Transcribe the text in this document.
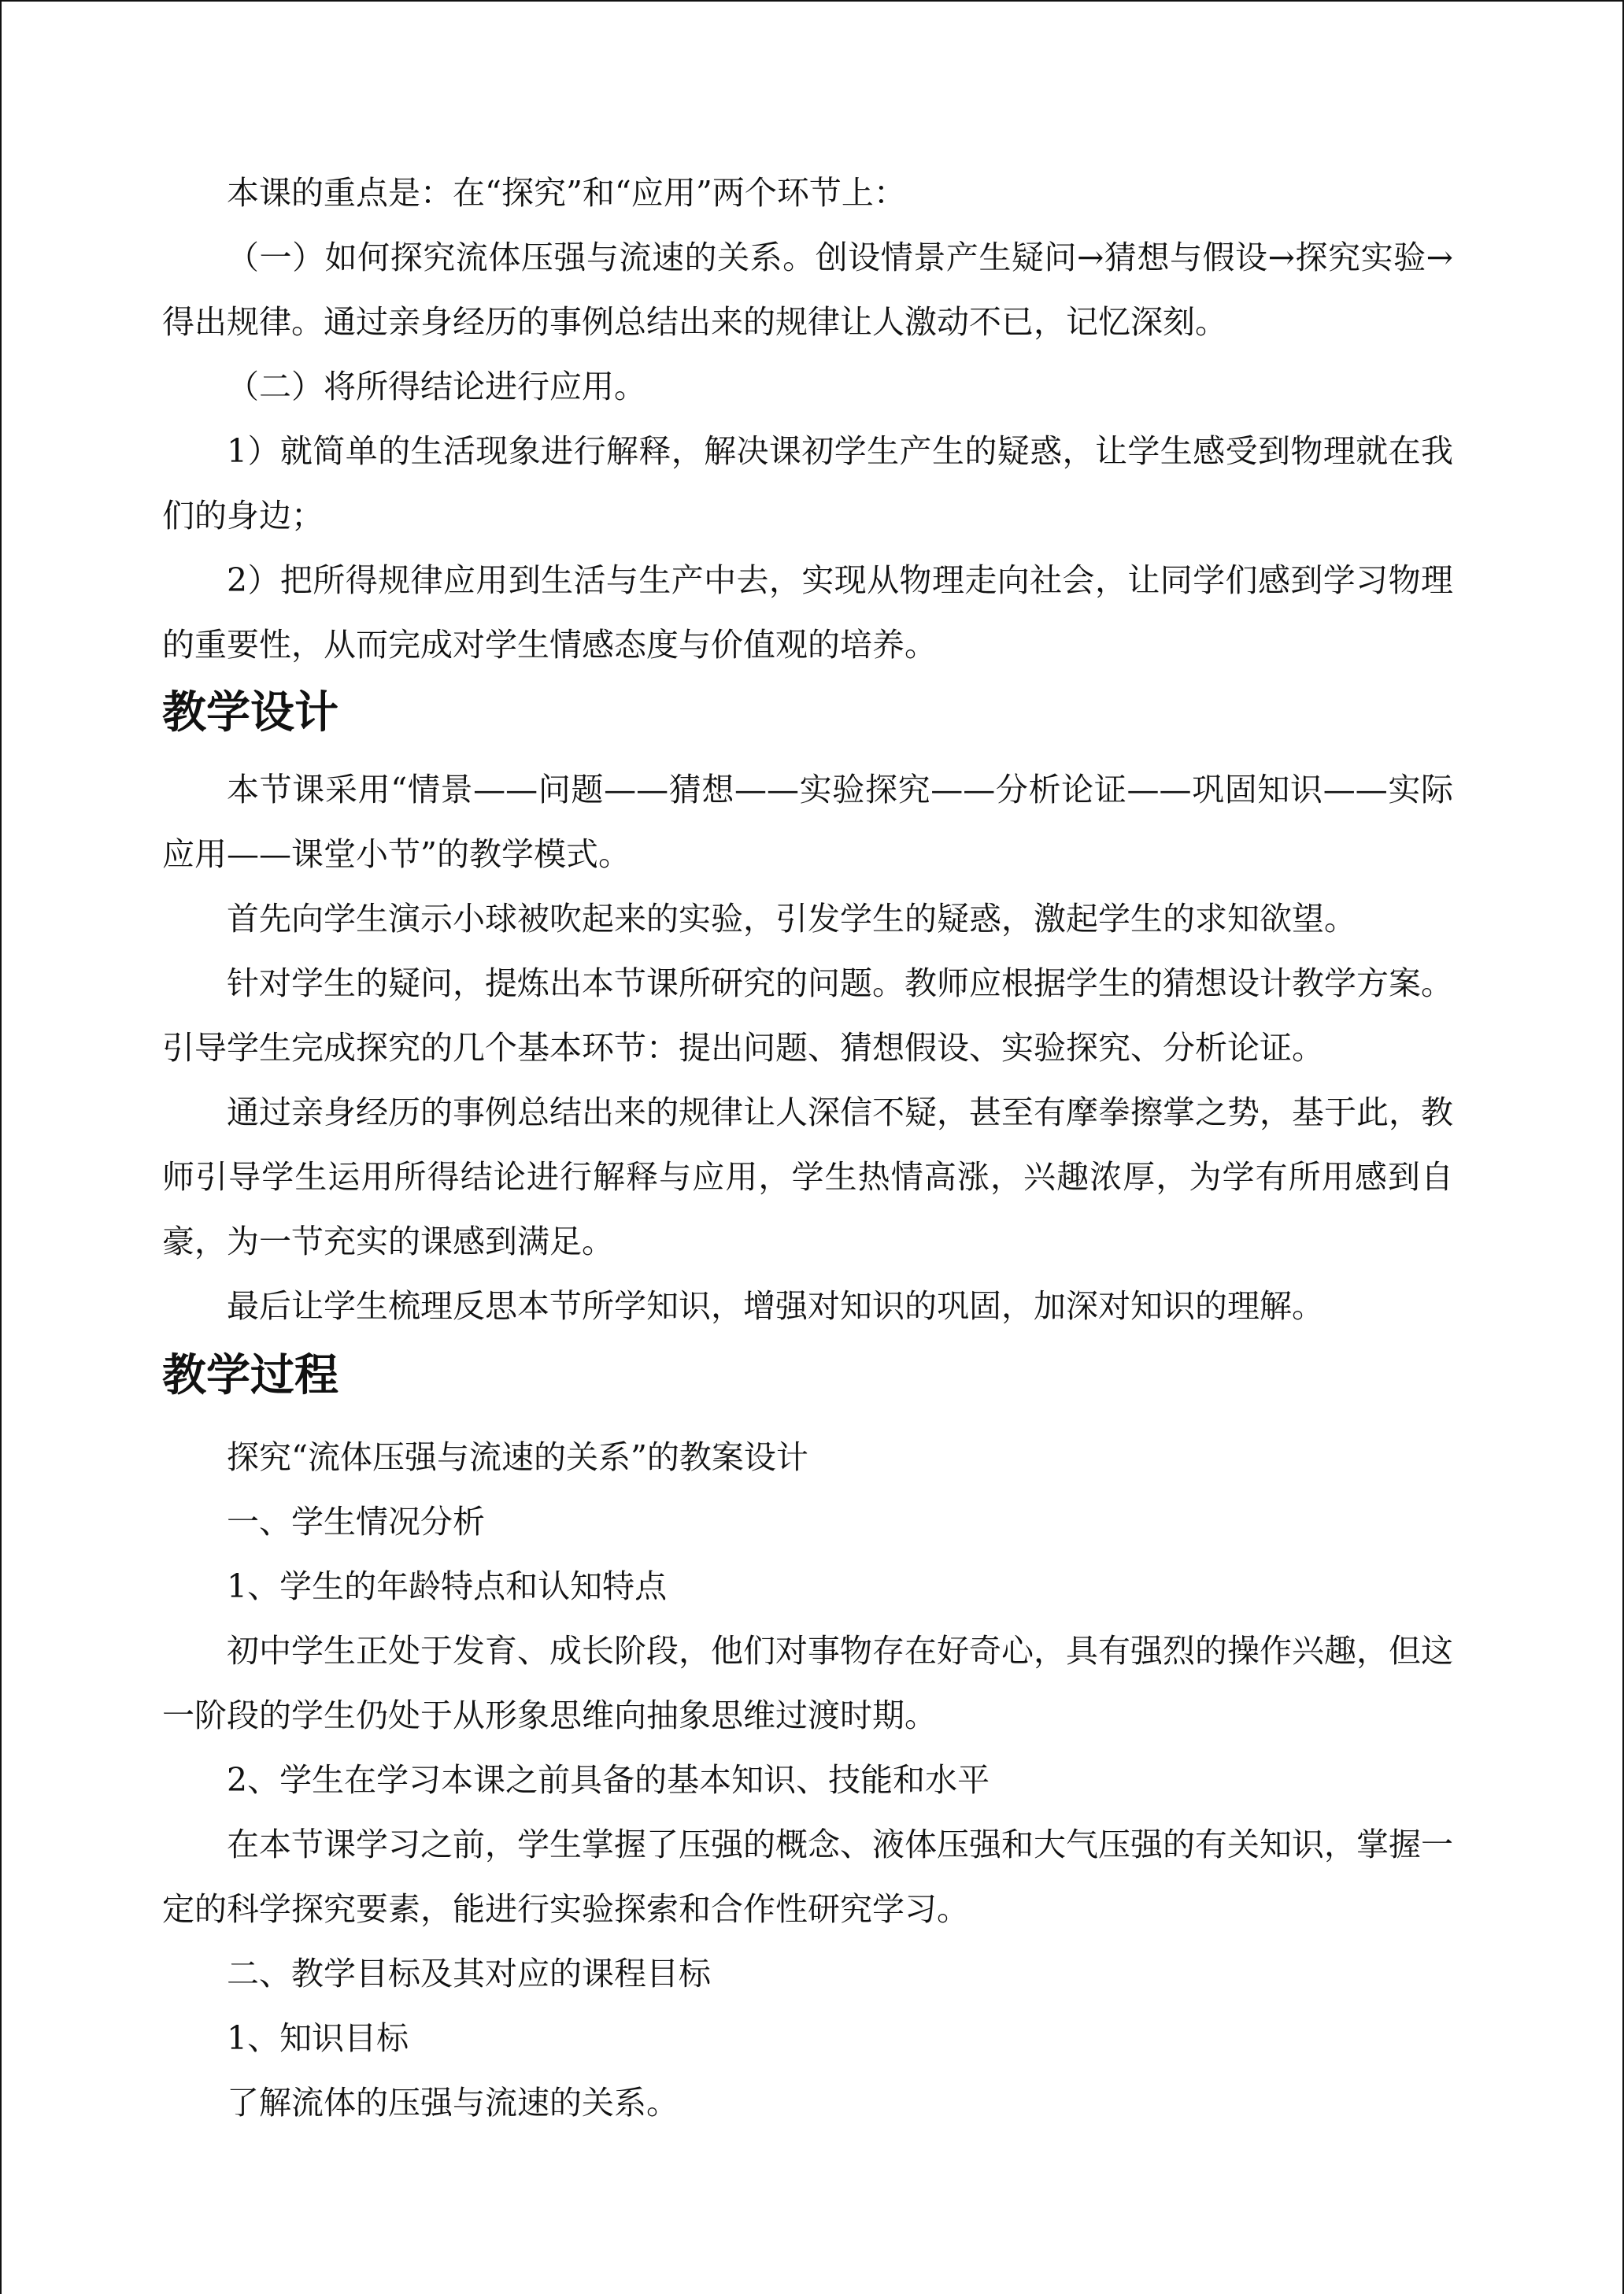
本课的重点是：在“探究”和“应用”两个环节上：

（一）如何探究流体压强与流速的关系。创设情景产生疑问→猜想与假设→探究实验→得出规律。通过亲身经历的事例总结出来的规律让人激动不已，记忆深刻。

（二）将所得结论进行应用。

1）就简单的生活现象进行解释，解决课初学生产生的疑惑，让学生感受到物理就在我们的身边；

2）把所得规律应用到生活与生产中去，实现从物理走向社会，让同学们感到学习物理的重要性，从而完成对学生情感态度与价值观的培养。

教学设计

本节课采用“情景——问题——猜想——实验探究——分析论证——巩固知识——实际应用——课堂小节”的教学模式。

首先向学生演示小球被吹起来的实验，引发学生的疑惑，激起学生的求知欲望。

针对学生的疑问，提炼出本节课所研究的问题。教师应根据学生的猜想设计教学方案。引导学生完成探究的几个基本环节：提出问题、猜想假设、实验探究、分析论证。

通过亲身经历的事例总结出来的规律让人深信不疑，甚至有摩拳擦掌之势，基于此，教师引导学生运用所得结论进行解释与应用，学生热情高涨，兴趣浓厚，为学有所用感到自豪，为一节充实的课感到满足。

最后让学生梳理反思本节所学知识，增强对知识的巩固，加深对知识的理解。

教学过程

探究“流体压强与流速的关系”的教案设计

一、学生情况分析

1、学生的年龄特点和认知特点

初中学生正处于发育、成长阶段，他们对事物存在好奇心，具有强烈的操作兴趣，但这一阶段的学生仍处于从形象思维向抽象思维过渡时期。

2、学生在学习本课之前具备的基本知识、技能和水平

在本节课学习之前，学生掌握了压强的概念、液体压强和大气压强的有关知识，掌握一定的科学探究要素，能进行实验探索和合作性研究学习。

二、教学目标及其对应的课程目标

1、知识目标

了解流体的压强与流速的关系。
